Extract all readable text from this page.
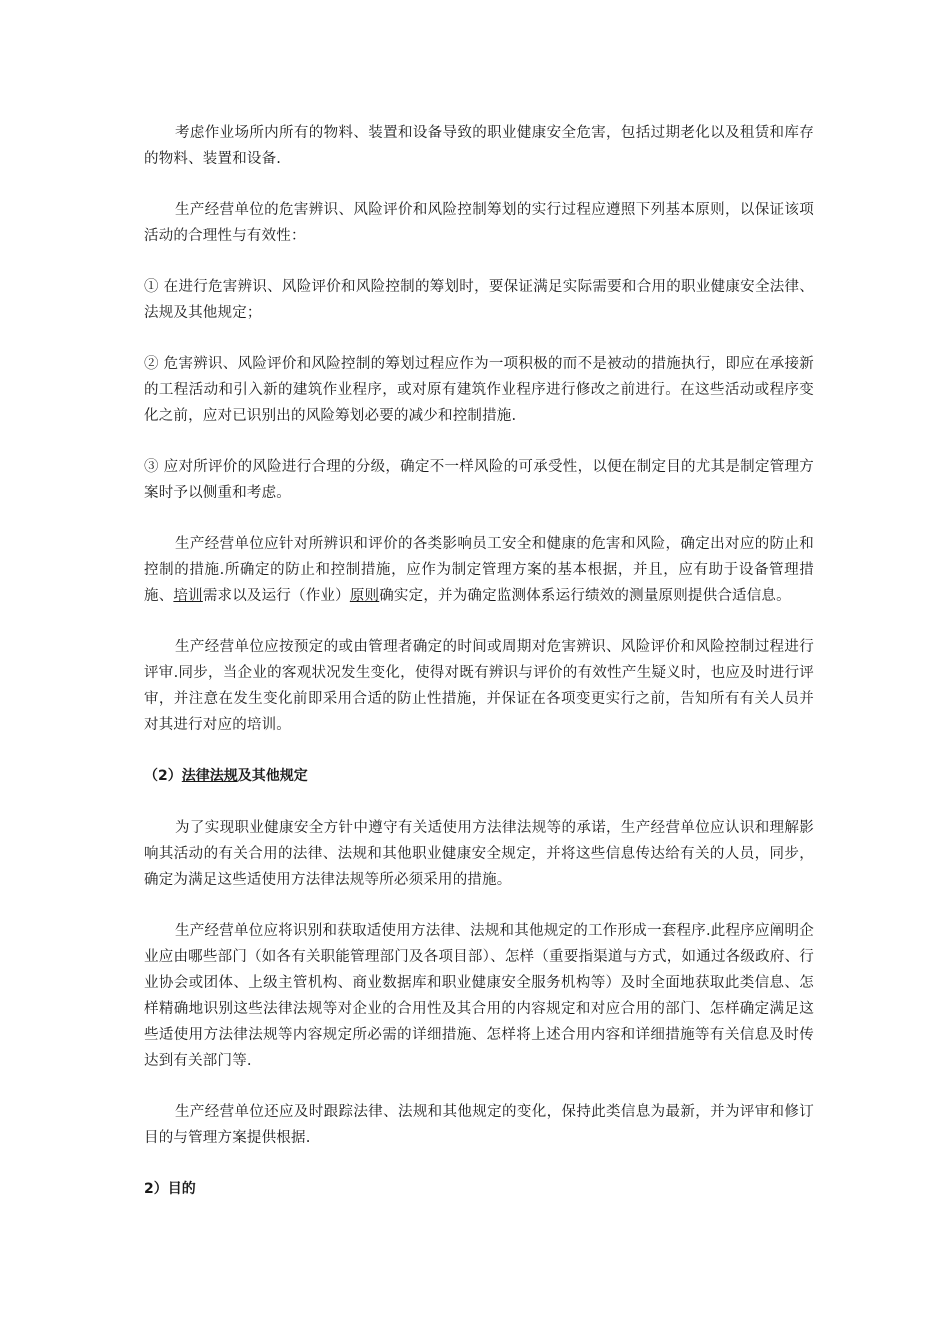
考虑作业场所内所有的物料、装置和设备导致的职业健康安全危害，包括过期老化以及租赁和库存的物料、装置和设备.

生产经营单位的危害辨识、风险评价和风险控制筹划的实行过程应遵照下列基本原则，以保证该项活动的合理性与有效性：

① 在进行危害辨识、风险评价和风险控制的筹划时，要保证满足实际需要和合用的职业健康安全法律、法规及其他规定；

② 危害辨识、风险评价和风险控制的筹划过程应作为一项积极的而不是被动的措施执行，即应在承接新的工程活动和引入新的建筑作业程序，或对原有建筑作业程序进行修改之前进行。在这些活动或程序变化之前，应对已识别出的风险筹划必要的减少和控制措施.

③ 应对所评价的风险进行合理的分级，确定不一样风险的可承受性，以便在制定目的尤其是制定管理方案时予以侧重和考虑。

生产经营单位应针对所辨识和评价的各类影响员工安全和健康的危害和风险，确定出对应的防止和控制的措施.所确定的防止和控制措施，应作为制定管理方案的基本根据，并且，应有助于设备管理措施、培训需求以及运行（作业）原则确实定，并为确定监测体系运行绩效的测量原则提供合适信息。

生产经营单位应按预定的或由管理者确定的时间或周期对危害辨识、风险评价和风险控制过程进行评审.同步，当企业的客观状况发生变化，使得对既有辨识与评价的有效性产生疑义时，也应及时进行评审，并注意在发生变化前即采用合适的防止性措施，并保证在各项变更实行之前，告知所有有关人员并对其进行对应的培训。

（2）法律法规及其他规定

为了实现职业健康安全方针中遵守有关适使用方法律法规等的承诺，生产经营单位应认识和理解影响其活动的有关合用的法律、法规和其他职业健康安全规定，并将这些信息传达给有关的人员，同步，确定为满足这些适使用方法律法规等所必须采用的措施。

生产经营单位应将识别和获取适使用方法律、法规和其他规定的工作形成一套程序.此程序应阐明企业应由哪些部门（如各有关职能管理部门及各项目部）、怎样（重要指渠道与方式，如通过各级政府、行业协会或团体、上级主管机构、商业数据库和职业健康安全服务机构等）及时全面地获取此类信息、怎样精确地识别这些法律法规等对企业的合用性及其合用的内容规定和对应合用的部门、怎样确定满足这些适使用方法律法规等内容规定所必需的详细措施、怎样将上述合用内容和详细措施等有关信息及时传达到有关部门等.

生产经营单位还应及时跟踪法律、法规和其他规定的变化，保持此类信息为最新，并为评审和修订目的与管理方案提供根据.

2）目的
